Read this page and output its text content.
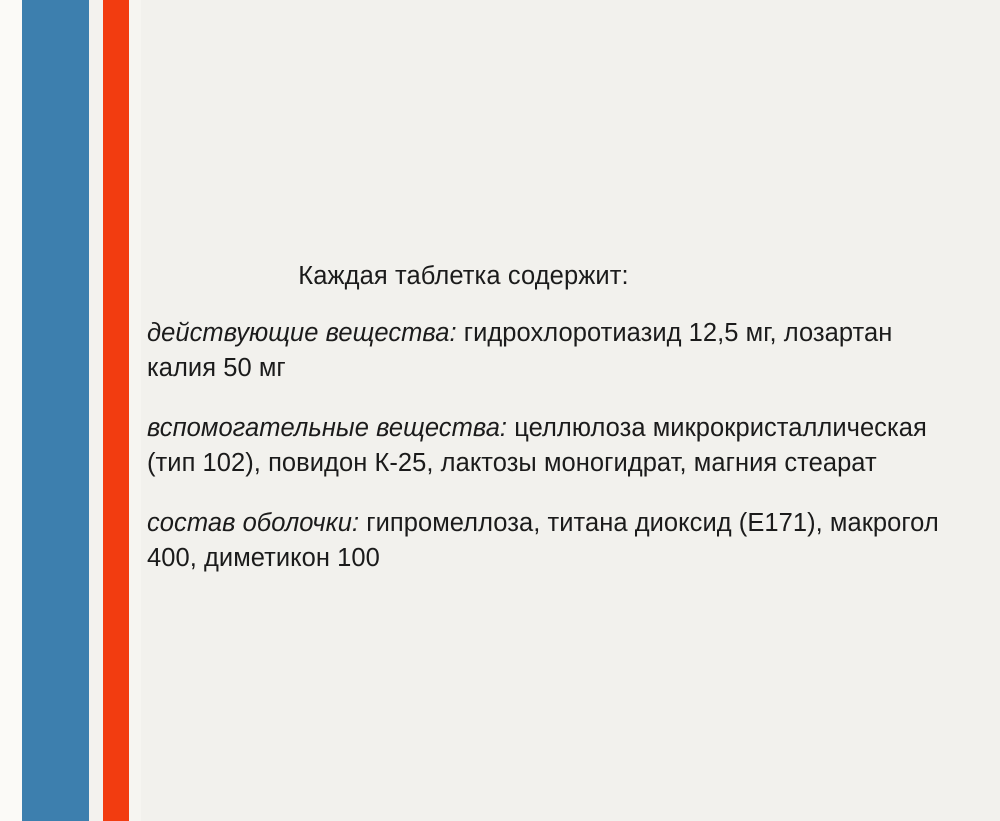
Каждая таблетка содержит:

действующие вещества: гидрохлоротиазид 12,5 мг, лозартан калия 50 мг

вспомогательные вещества: целлюлоза микрокристаллическая (тип 102), повидон К-25, лактозы моногидрат, магния стеарат

состав оболочки: гипромеллоза, титана диоксид (Е171), макрогол 400, диметикон 100
